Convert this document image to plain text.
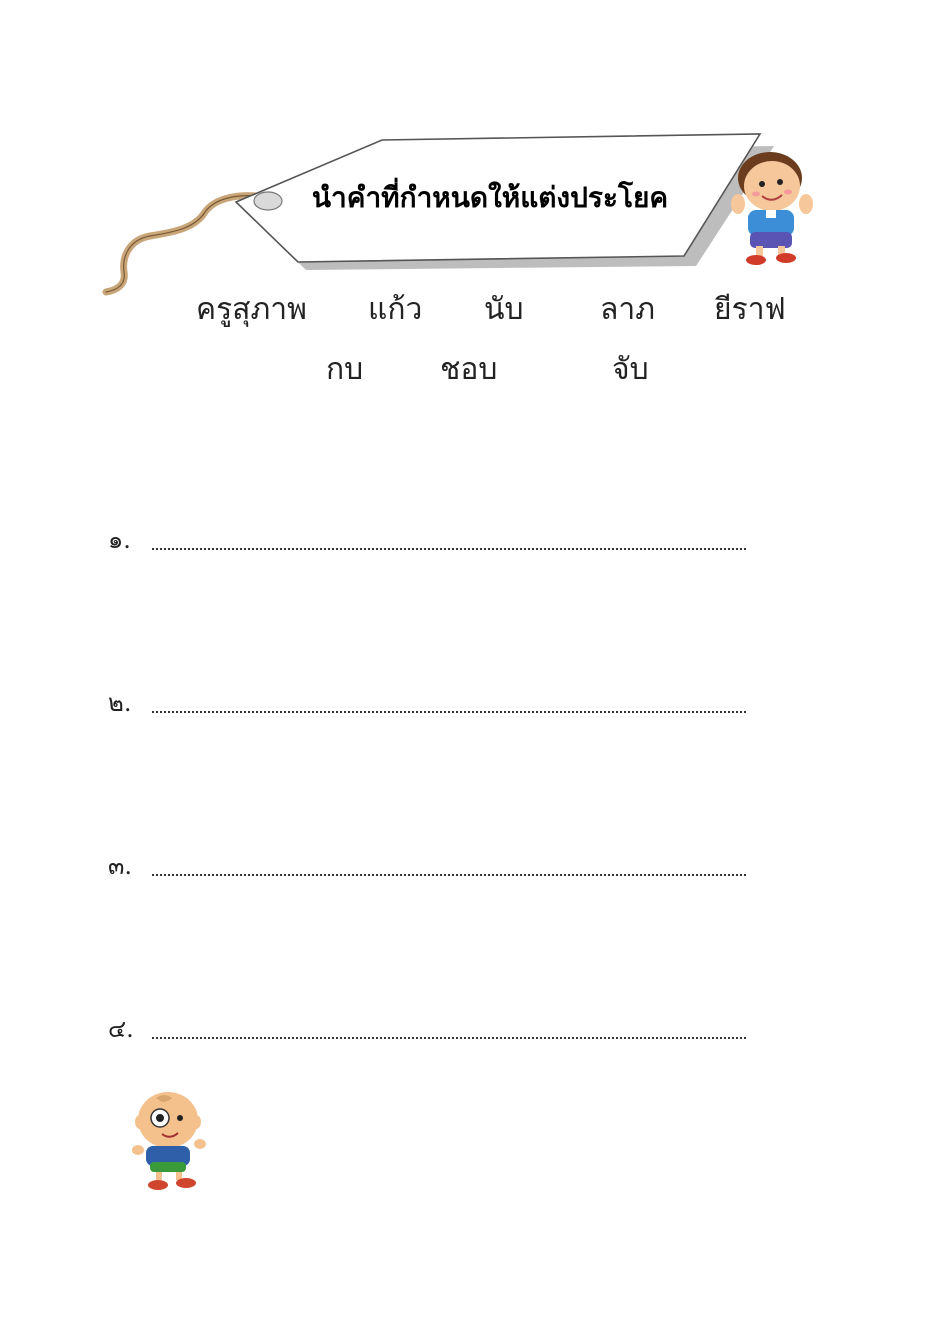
นำคำที่กำหนดให้แต่งประโยค
ครูสุภาพ แก้ว นับ	ลาภ ยีราฟ
กบ	ชอบ	จับ
๑.
๒.
๓.
๔.
